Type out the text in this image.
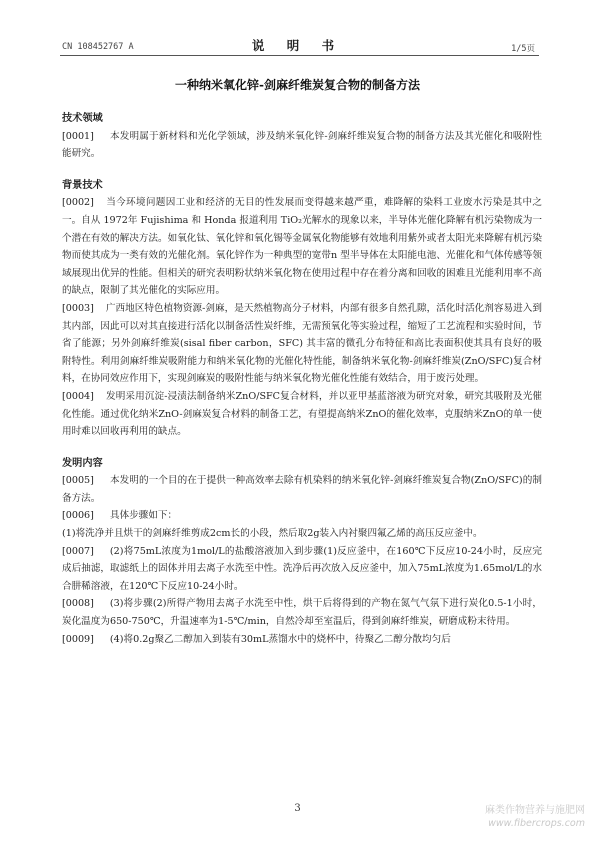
CN 108452767 A	说 明 书	1/5页
一种纳米氧化锌-剑麻纤维炭复合物的制备方法
技术领域

[0001] 本发明属于新材料和光化学领域，涉及纳米氧化锌-剑麻纤维炭复合物的制备方法及其光催化和吸附性能研究。

背景技术

[0002] 当今环境问题因工业和经济的无目的性发展而变得越来越严重，难降解的染料工业废水污染是其中之一。自从 1972年 Fujishima 和 Honda 报道利用 TiO₂光解水的现象以来，半导体光催化降解有机污染物成为一个潜在有效的解决方法。如氧化钛、氧化锌和氧化锡等金属氧化物能够有效地利用紫外或者太阳光来降解有机污染物而使其成为一类有效的光催化剂。氧化锌作为一种典型的宽带n 型半导体在太阳能电池、光催化和气体传感等领域展现出优异的性能。但相关的研究表明粉状纳米氧化物在使用过程中存在着分离和回收的困难且光能利用率不高的缺点，限制了其光催化的实际应用。

[0003] 广西地区特色植物资源-剑麻，是天然植物高分子材料，内部有很多自然孔隙，活化时活化剂容易进入到其内部，因此可以对其直接进行活化以制备活性炭纤维，无需预氧化等实验过程，缩短了工艺流程和实验时间，节省了能源；另外剑麻纤维炭(sisal fiber carbon，SFC) 其丰富的微孔分布特征和高比表面积使其具有良好的吸附特性。利用剑麻纤维炭吸附能力和纳米氧化物的光催化特性能，制备纳米氧化物-剑麻纤维炭(ZnO/SFC)复合材料，在协同效应作用下，实现剑麻炭的吸附性能与纳米氧化物光催化性能有效结合，用于废污处理。

[0004] 发明采用沉淀-浸渍法制备纳米ZnO/SFC复合材料，并以亚甲基蓝溶液为研究对象，研究其吸附及光催化性能。通过优化纳米ZnO-剑麻炭复合材料的制备工艺，有望提高纳米ZnO的催化效率，克服纳米ZnO的单一使用时难以回收再利用的缺点。

发明内容

[0005] 本发明的一个目的在于提供一种高效率去除有机染料的纳米氧化锌-剑麻纤维炭复合物(ZnO/SFC)的制备方法。

[0006] 具体步骤如下：

(1)将洗净并且烘干的剑麻纤维剪成2cm长的小段，然后取2g装入内衬聚四氟乙烯的高压反应釜中。

[0007] (2)将75mL浓度为1mol/L的盐酸溶液加入到步骤(1)反应釜中，在160℃下反应10-24小时，反应完成后抽滤，取滤纸上的固体并用去离子水洗至中性。洗净后再次放入反应釜中，加入75mL浓度为1.65mol/L的水合肼稀溶液，在120℃下反应10-24小时。

[0008] (3)将步骤(2)所得产物用去离子水洗至中性，烘干后将得到的产物在氮气气氛下进行炭化0.5-1小时，炭化温度为650-750℃，升温速率为1-5℃/min，自然冷却至室温后，得到剑麻纤维炭，研磨成粉末待用。

[0009] (4)将0.2g聚乙二醇加入到装有30mL蒸馏水中的烧杯中，待聚乙二醇分散均匀后

3	麻类作物营养与施肥网
www.fibercrops.com
